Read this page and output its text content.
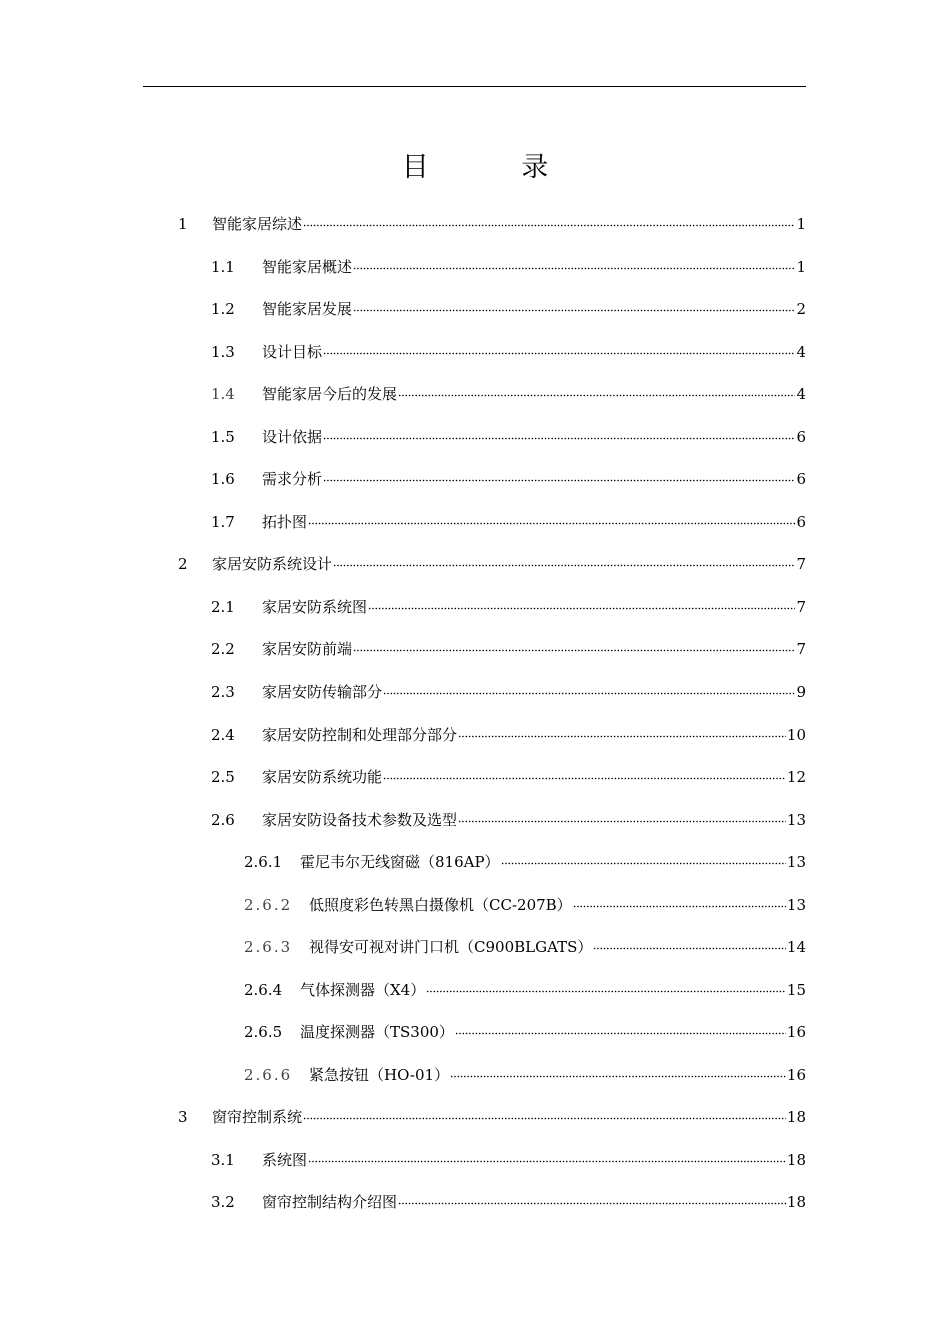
目 录
1	智能家居综述	1
1.1	智能家居概述	1
1.2	智能家居发展	2
1.3	设计目标	4
1.4	智能家居今后的发展	4
1.5	设计依据	6
1.6	需求分析	6
1.7	拓扑图	6
2	家居安防系统设计	7
2.1	家居安防系统图	7
2.2	家居安防前端	7
2.3	家居安防传输部分	9
2.4	家居安防控制和处理部分部分	10
2.5	家居安防系统功能	12
2.6	家居安防设备技术参数及选型	13
2.6.1	霍尼韦尔无线窗磁（816AP）	13
2.6.2	低照度彩色转黑白摄像机（CC-207B）	13
2.6.3	视得安可视对讲门口机（C900BLGATS）	14
2.6.4	气体探测器（X4）	15
2.6.5	温度探测器（TS300）	16
2.6.6	紧急按钮（HO-01）	16
3	窗帘控制系统	18
3.1	系统图	18
3.2	窗帘控制结构介绍图	18
